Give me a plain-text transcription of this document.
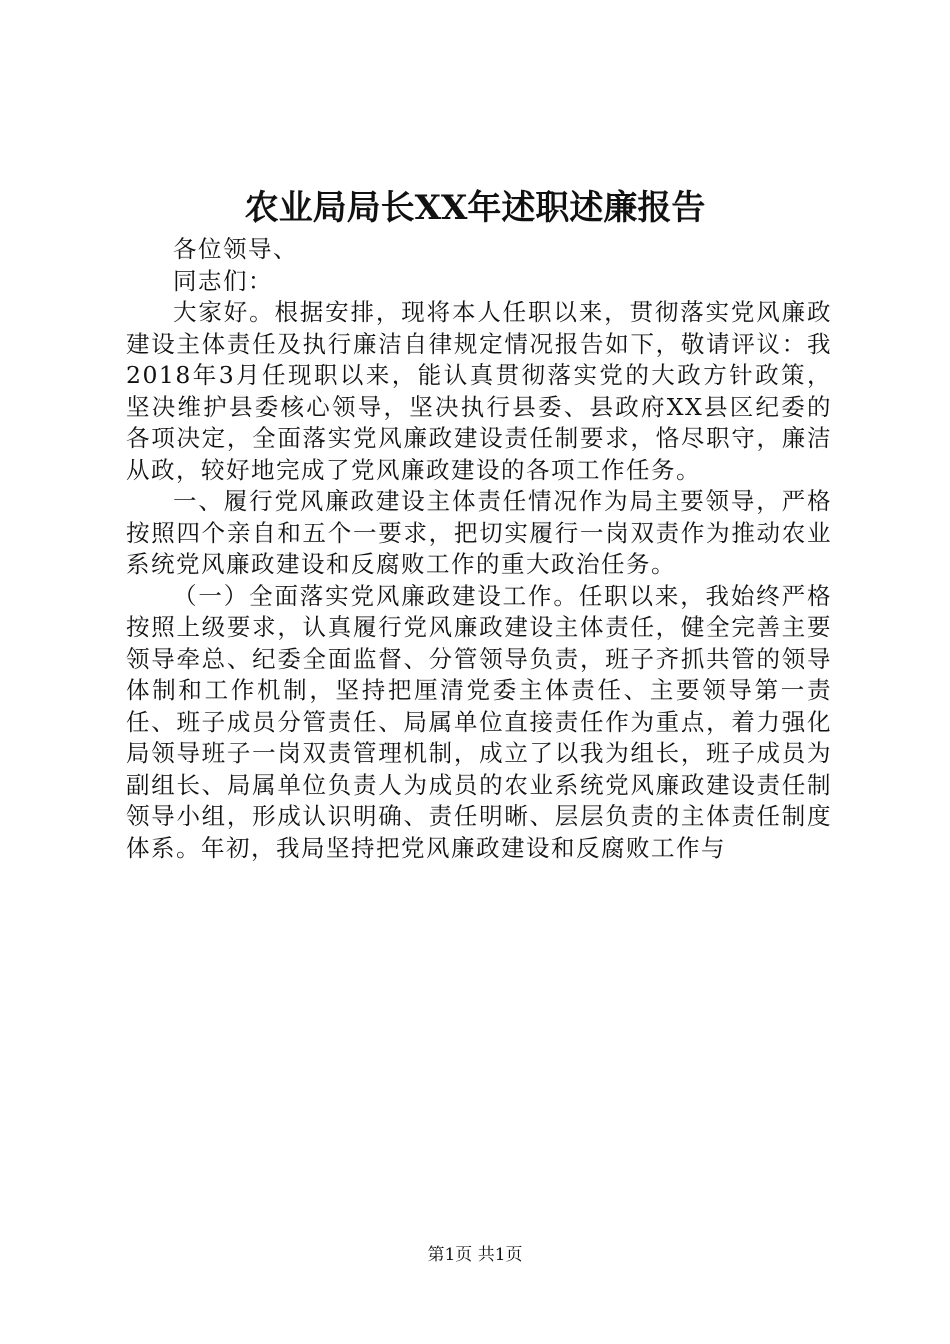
农业局局长XX年述职述廉报告

各位领导、

同志们：

大家好。根据安排，现将本人任职以来，贯彻落实党风廉政建设主体责任及执行廉洁自律规定情况报告如下，敬请评议：我2018年3月任现职以来，能认真贯彻落实党的大政方针政策，坚决维护县委核心领导，坚决执行县委、县政府XX县区纪委的各项决定，全面落实党风廉政建设责任制要求，恪尽职守，廉洁从政，较好地完成了党风廉政建设的各项工作任务。

一、履行党风廉政建设主体责任情况作为局主要领导，严格按照四个亲自和五个一要求，把切实履行一岗双责作为推动农业系统党风廉政建设和反腐败工作的重大政治任务。

（一）全面落实党风廉政建设工作。任职以来，我始终严格按照上级要求，认真履行党风廉政建设主体责任，健全完善主要领导牵总、纪委全面监督、分管领导负责，班子齐抓共管的领导体制和工作机制，坚持把厘清党委主体责任、主要领导第一责任、班子成员分管责任、局属单位直接责任作为重点，着力强化局领导班子一岗双责管理机制，成立了以我为组长，班子成员为副组长、局属单位负责人为成员的农业系统党风廉政建设责任制领导小组，形成认识明确、责任明晰、层层负责的主体责任制度体系。年初，我局坚持把党风廉政建设和反腐败工作与

第1页 共1页
